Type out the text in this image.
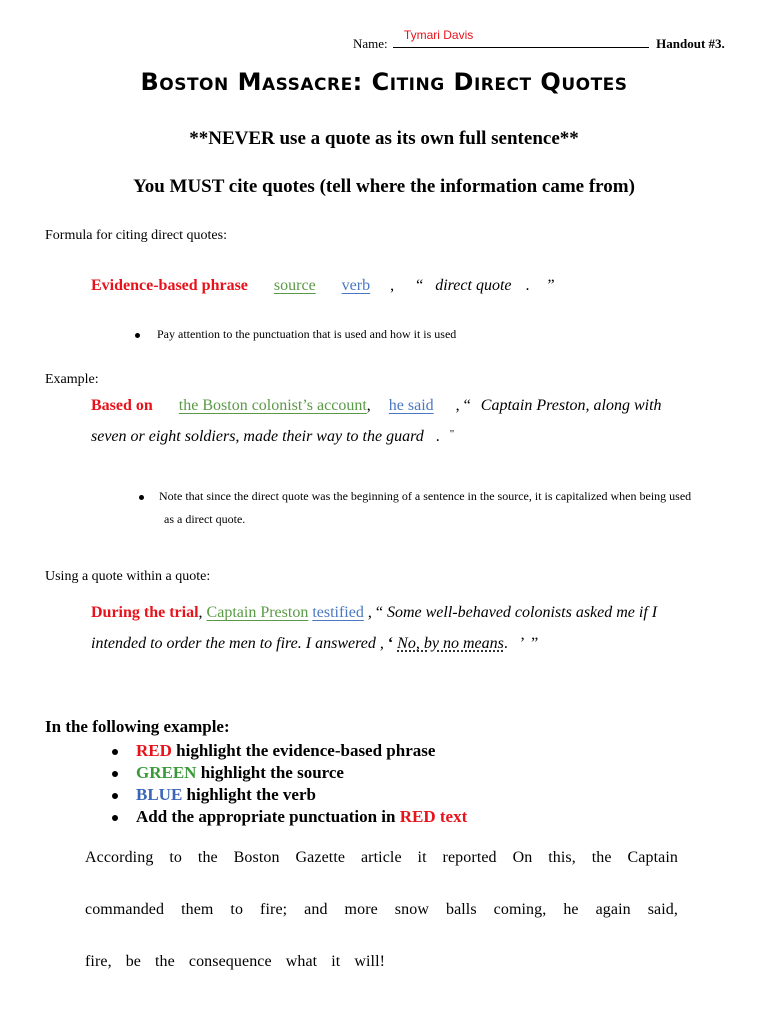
Name:
Tymari Davis
Handout #3.
Boston Massacre: Citing Direct Quotes
**NEVER use a quote as its own full sentence**
You MUST cite quotes (tell where the information came from)
Formula for citing direct quotes:
Evidence-based phrase source verb , “ direct quote . ”
Pay attention to the punctuation that is used and how it is used
Example:
Based on the Boston colonist’s account, he said , “ Captain Preston, along with
seven or eight soldiers, made their way to the guard . "
Note that since the direct quote was the beginning of a sentence in the source, it is capitalized when being used
as a direct quote.
Using a quote within a quote:
During the trial, Captain Preston testified , “ Some well-behaved colonists asked me if I
intended to order the men to fire. I answered , ‘ No, by no means. ’ ”
In the following example:
RED highlight the evidence-based phrase
GREEN highlight the source
BLUE highlight the verb
Add the appropriate punctuation in RED text
According to the Boston Gazette article it reported On this, the Captain
commanded them to fire; and more snow balls coming, he again said,
fire, be the consequence what it will!
